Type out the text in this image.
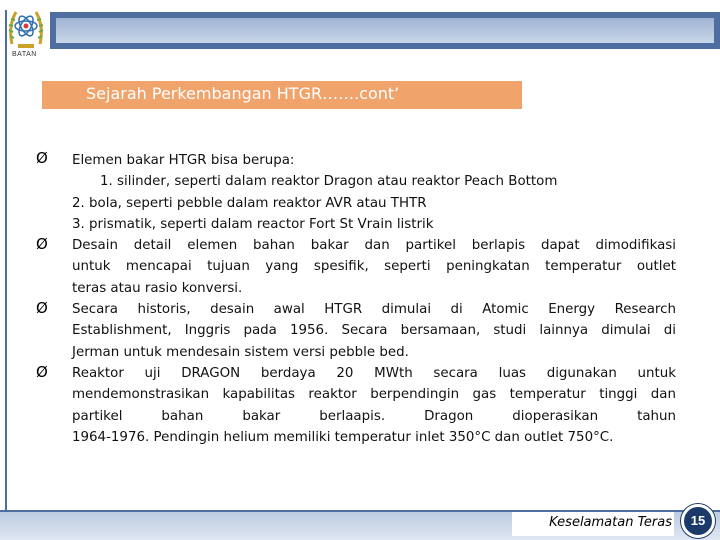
BATAN
Sejarah Perkembangan HTGR…….cont’
Ø
Ø
Ø
Ø
Elemen bakar HTGR bisa berupa:
1. silinder, seperti dalam reaktor Dragon atau reaktor Peach Bottom
2. bola, seperti pebble dalam reaktor AVR atau THTR
3. prismatik, seperti dalam reactor Fort St Vrain listrik
Desain detail elemen bahan bakar dan partikel berlapis dapat dimodifikasi
untuk mencapai tujuan yang spesifik, seperti peningkatan temperatur outlet
teras atau rasio konversi.
Secara historis, desain awal HTGR dimulai di Atomic Energy Research
Establishment, Inggris pada 1956. Secara bersamaan, studi lainnya dimulai di
Jerman untuk mendesain sistem versi pebble bed.
Reaktor uji DRAGON berdaya 20 MWth secara luas digunakan untuk
mendemonstrasikan kapabilitas reaktor berpendingin gas temperatur tinggi dan
partikel bahan bakar berlaapis. Dragon dioperasikan tahun
1964-1976. Pendingin helium memiliki temperatur inlet 350°C dan outlet 750°C.
Keselamatan Teras	15
